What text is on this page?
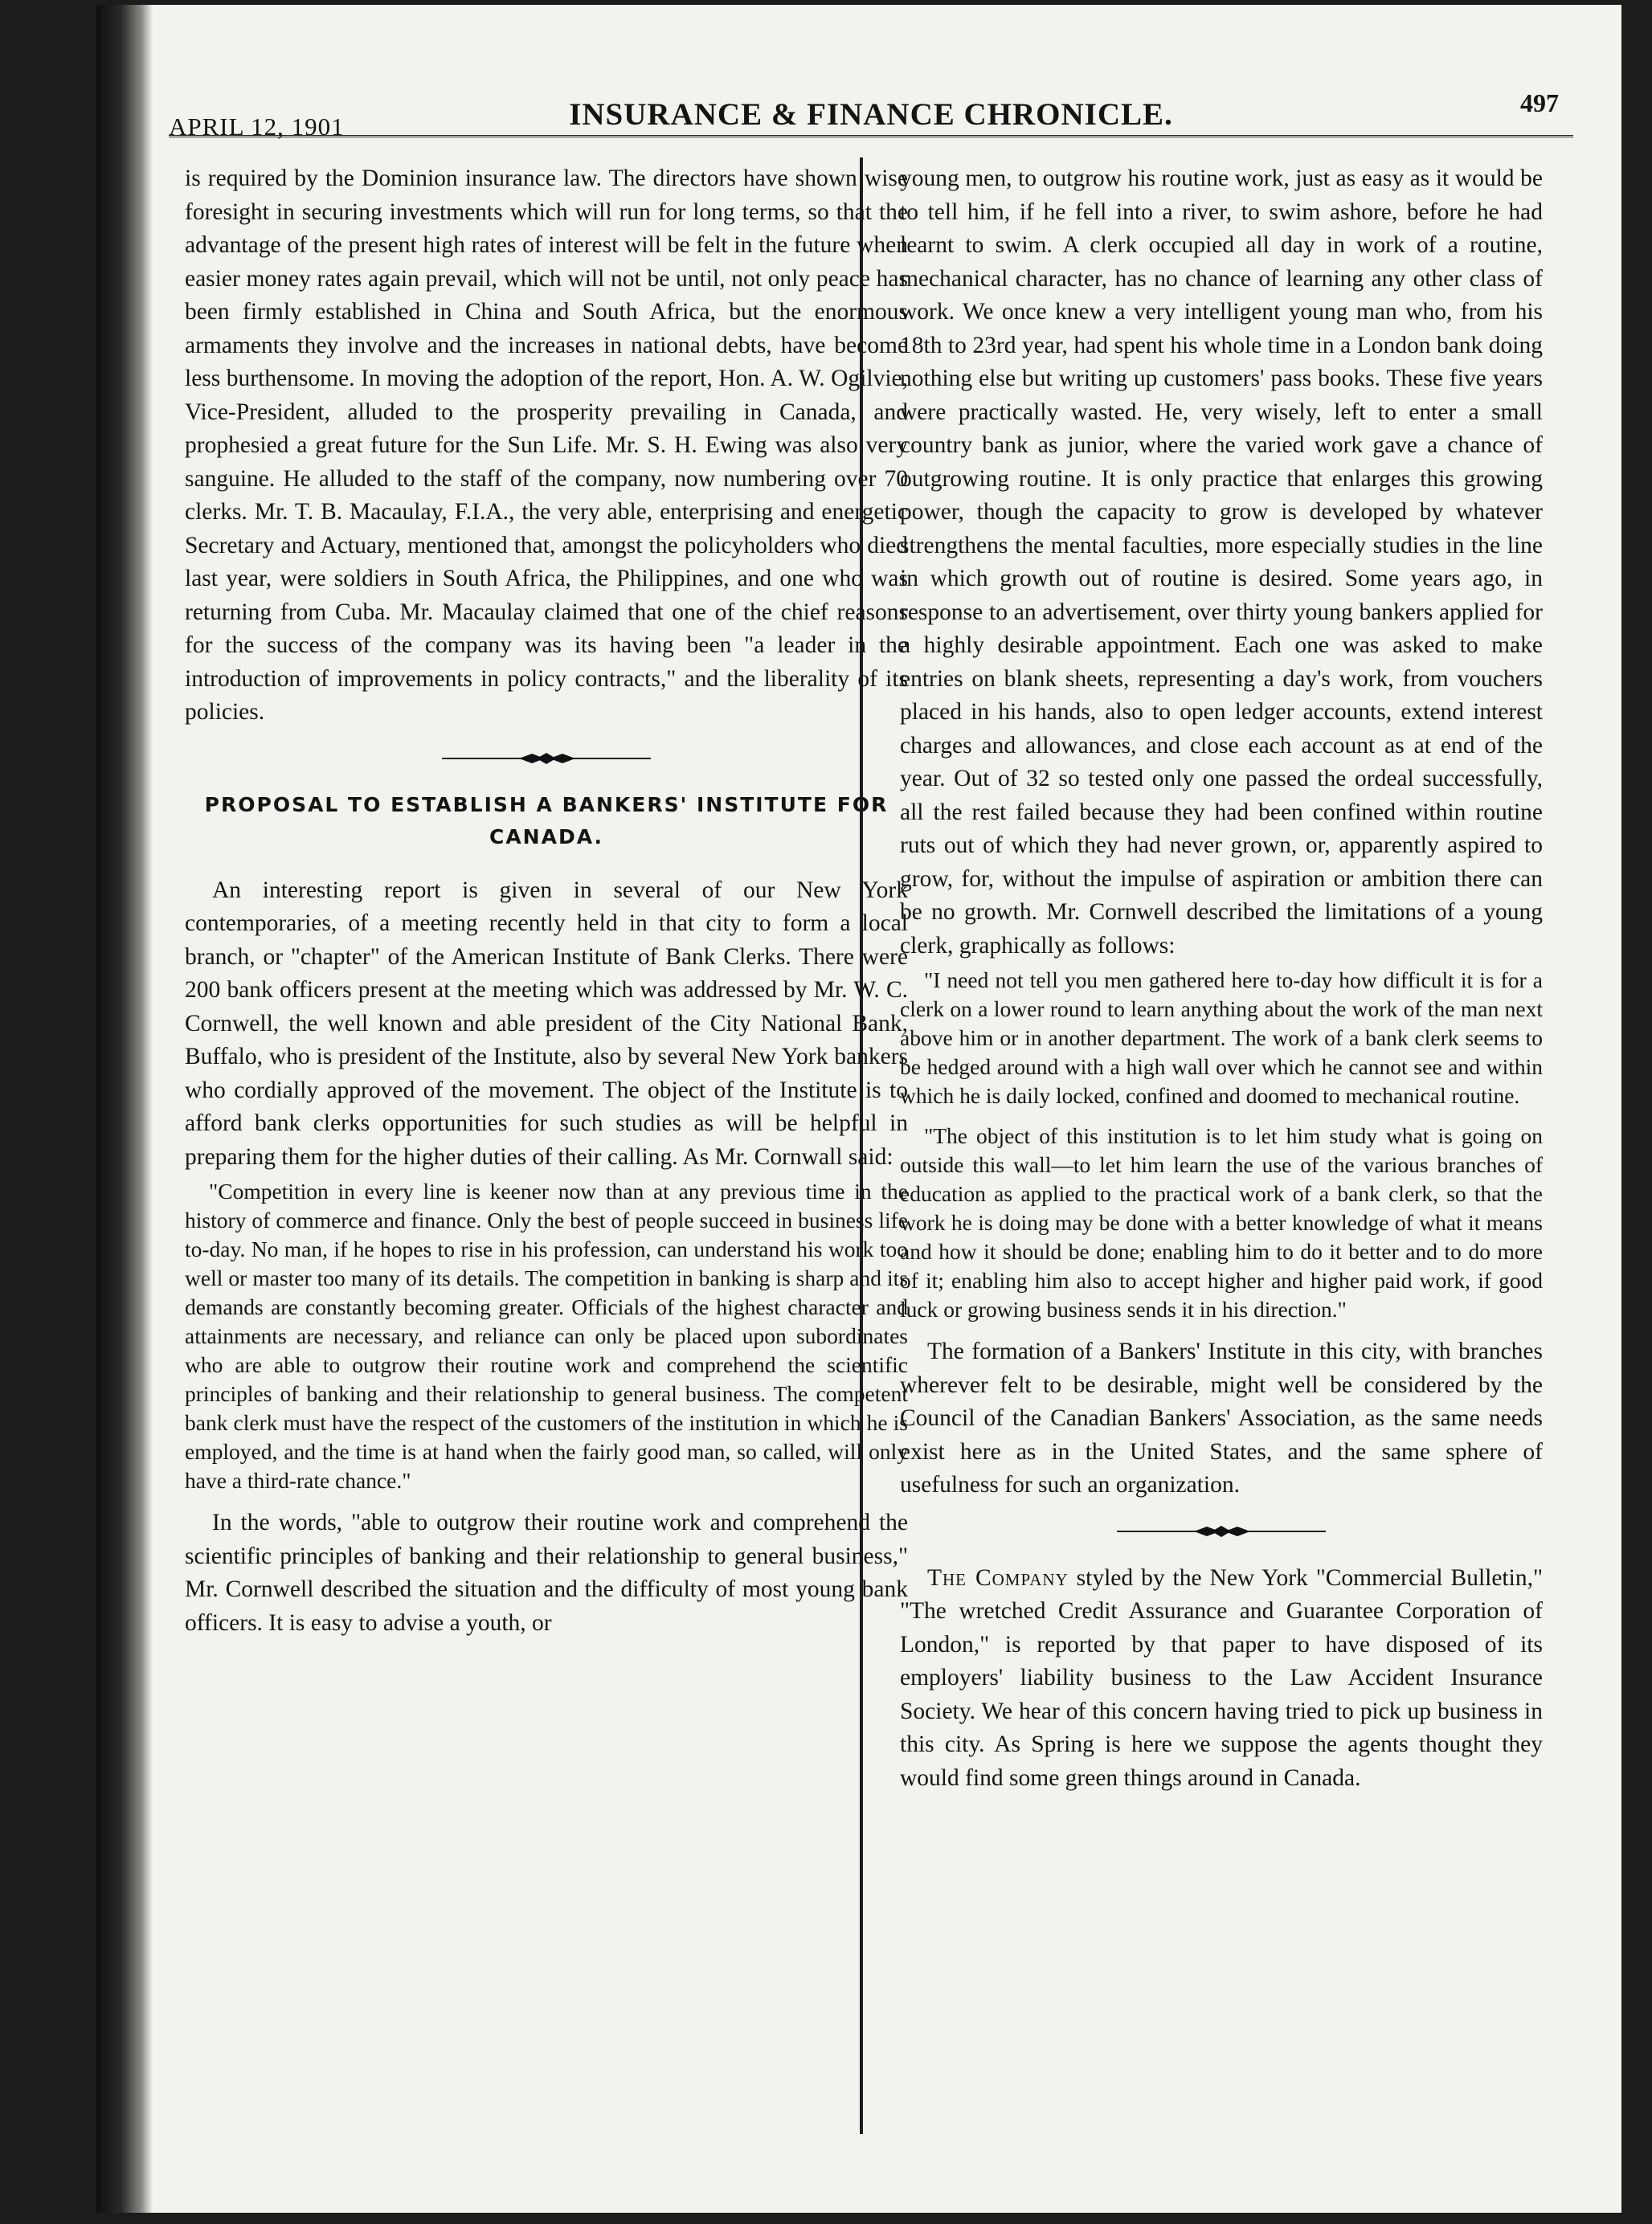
APRIL 12, 1901	INSURANCE & FINANCE CHRONICLE.	497

is required by the Dominion insurance law. The directors have shown wise foresight in securing investments which will run for long terms, so that the advantage of the present high rates of interest will be felt in the future when easier money rates again prevail, which will not be until, not only peace has been firmly established in China and South Africa, but the enormous armaments they involve and the increases in national debts, have become less burthensome. In moving the adoption of the report, Hon. A. W. Ogilvie, Vice-President, alluded to the prosperity prevailing in Canada, and prophesied a great future for the Sun Life. Mr. S. H. Ewing was also very sanguine. He alluded to the staff of the company, now numbering over 70 clerks. Mr. T. B. Macaulay, F.I.A., the very able, enterprising and energetic Secretary and Actuary, mentioned that, amongst the policyholders who died last year, were soldiers in South Africa, the Philippines, and one who was returning from Cuba. Mr. Macaulay claimed that one of the chief reasons for the success of the company was its having been "a leader in the introduction of improvements in policy contracts," and the liberality of its policies.

PROPOSAL TO ESTABLISH A BANKERS' INSTITUTE FOR CANADA.

An interesting report is given in several of our New York contemporaries, of a meeting recently held in that city to form a local branch, or "chapter" of the American Institute of Bank Clerks. There were 200 bank officers present at the meeting which was addressed by Mr. W. C. Cornwell, the well known and able president of the City National Bank, Buffalo, who is president of the Institute, also by several New York bankers who cordially approved of the movement. The object of the Institute is to afford bank clerks opportunities for such studies as will be helpful in preparing them for the higher duties of their calling. As Mr. Cornwall said:

"Competition in every line is keener now than at any previous time in the history of commerce and finance. Only the best of people succeed in business life to-day. No man, if he hopes to rise in his profession, can understand his work too well or master too many of its details. The competition in banking is sharp and its demands are constantly becoming greater. Officials of the highest character and attainments are necessary, and reliance can only be placed upon subordinates who are able to outgrow their routine work and comprehend the scientific principles of banking and their relationship to general business. The competent bank clerk must have the respect of the customers of the institution in which he is employed, and the time is at hand when the fairly good man, so called, will only have a third-rate chance."

In the words, "able to outgrow their routine work and comprehend the scientific principles of banking and their relationship to general business," Mr. Cornwell described the situation and the difficulty of most young bank officers. It is easy to advise a youth, or

young men, to outgrow his routine work, just as easy as it would be to tell him, if he fell into a river, to swim ashore, before he had learnt to swim. A clerk occupied all day in work of a routine, mechanical character, has no chance of learning any other class of work. We once knew a very intelligent young man who, from his 18th to 23rd year, had spent his whole time in a London bank doing nothing else but writing up customers' pass books. These five years were practically wasted. He, very wisely, left to enter a small country bank as junior, where the varied work gave a chance of outgrowing routine. It is only practice that enlarges this growing power, though the capacity to grow is developed by whatever strengthens the mental faculties, more especially studies in the line in which growth out of routine is desired. Some years ago, in response to an advertisement, over thirty young bankers applied for a highly desirable appointment. Each one was asked to make entries on blank sheets, representing a day's work, from vouchers placed in his hands, also to open ledger accounts, extend interest charges and allowances, and close each account as at end of the year. Out of 32 so tested only one passed the ordeal successfully, all the rest failed because they had been confined within routine ruts out of which they had never grown, or, apparently aspired to grow, for, without the impulse of aspiration or ambition there can be no growth. Mr. Cornwell described the limitations of a young clerk, graphically as follows:

"I need not tell you men gathered here to-day how difficult it is for a clerk on a lower round to learn anything about the work of the man next above him or in another department. The work of a bank clerk seems to be hedged around with a high wall over which he cannot see and within which he is daily locked, confined and doomed to mechanical routine.

"The object of this institution is to let him study what is going on outside this wall—to let him learn the use of the various branches of education as applied to the practical work of a bank clerk, so that the work he is doing may be done with a better knowledge of what it means and how it should be done; enabling him to do it better and to do more of it; enabling him also to accept higher and higher paid work, if good luck or growing business sends it in his direction."

The formation of a Bankers' Institute in this city, with branches wherever felt to be desirable, might well be considered by the Council of the Canadian Bankers' Association, as the same needs exist here as in the United States, and the same sphere of usefulness for such an organization.

The Company styled by the New York "Commercial Bulletin," "The wretched Credit Assurance and Guarantee Corporation of London," is reported by that paper to have disposed of its employers' liability business to the Law Accident Insurance Society. We hear of this concern having tried to pick up business in this city. As Spring is here we suppose the agents thought they would find some green things around in Canada.
